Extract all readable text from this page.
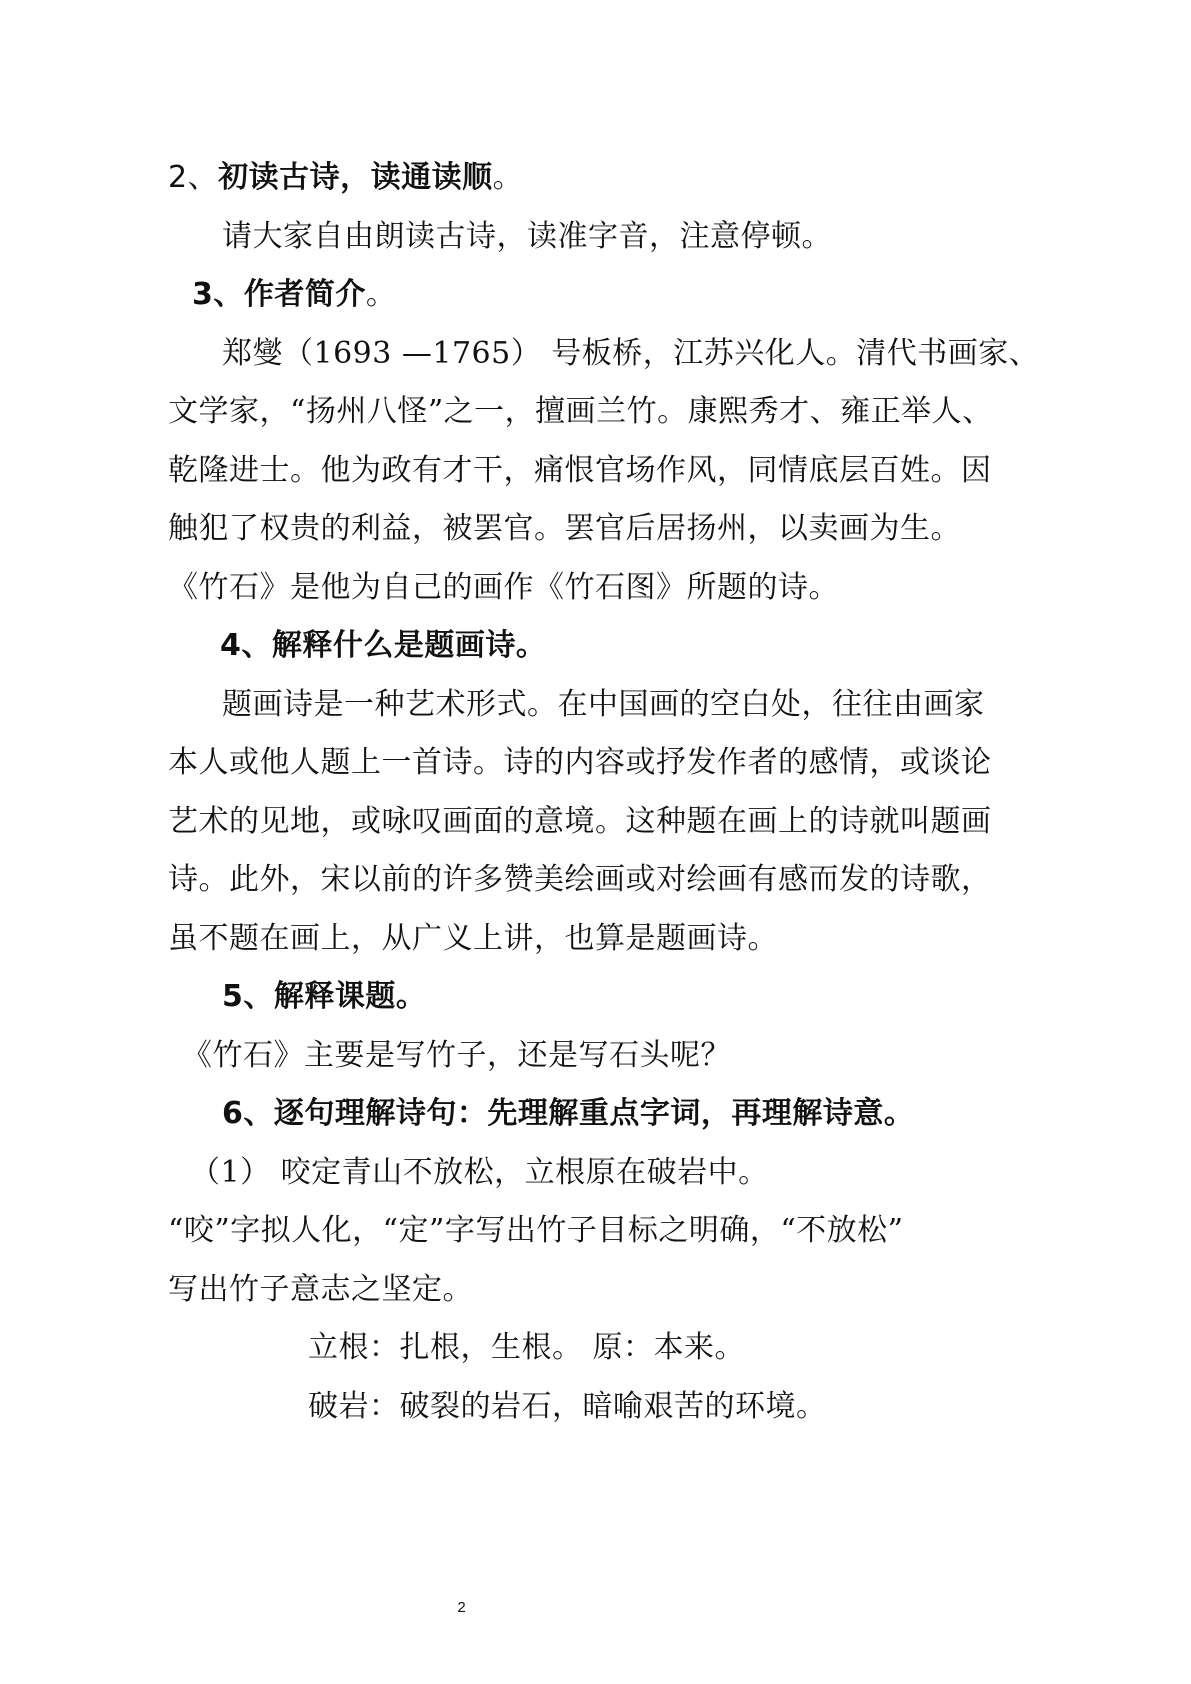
2、初读古诗，读通读顺。
请大家自由朗读古诗，读准字音，注意停顿。
3、作者简介。
郑燮（1693 —1765） 号板桥，江苏兴化人。清代书画家、
文学家，“扬州八怪”之一，擅画兰竹。康熙秀才、雍正举人、
乾隆进士。他为政有才干，痛恨官场作风，同情底层百姓。因
触犯了权贵的利益，被罢官。罢官后居扬州，以卖画为生。
《竹石》是他为自己的画作《竹石图》所题的诗。
4、解释什么是题画诗。
题画诗是一种艺术形式。在中国画的空白处，往往由画家
本人或他人题上一首诗。诗的内容或抒发作者的感情，或谈论
艺术的见地，或咏叹画面的意境。这种题在画上的诗就叫题画
诗。此外，宋以前的许多赞美绘画或对绘画有感而发的诗歌，
虽不题在画上，从广义上讲，也算是题画诗。
5、解释课题。
《竹石》主要是写竹子，还是写石头呢？
6、逐句理解诗句：先理解重点字词，再理解诗意。
（1） 咬定青山不放松，立根原在破岩中。
“咬”字拟人化，“定”字写出竹子目标之明确，“不放松”
写出竹子意志之坚定。
立根：扎根，生根。 原：本来。
破岩：破裂的岩石，暗喻艰苦的环境。
2
